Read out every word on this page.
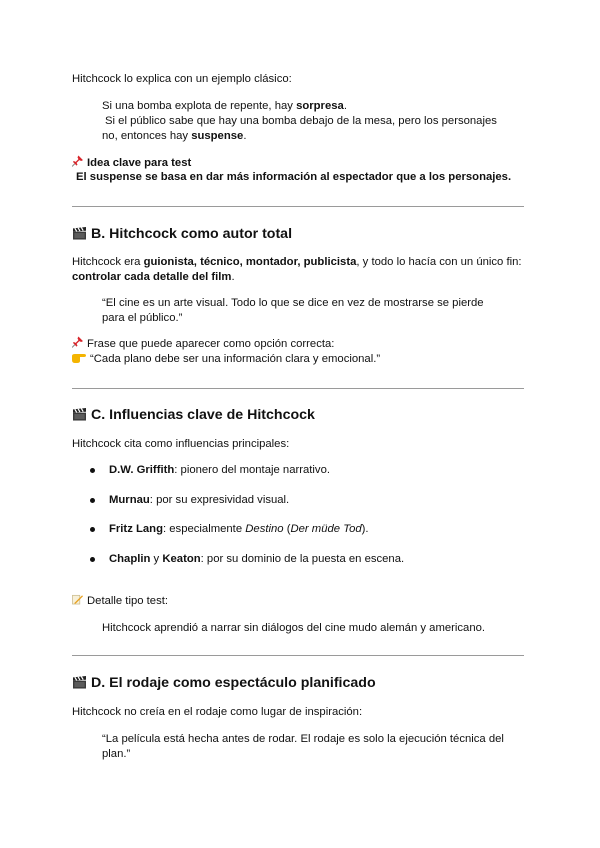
Hitchcock lo explica con un ejemplo clásico:
Si una bomba explota de repente, hay sorpresa.
Si el público sabe que hay una bomba debajo de la mesa, pero los personajes
no, entonces hay suspense.
Idea clave para test
El suspense se basa en dar más información al espectador que a los personajes.
B. Hitchcock como autor total
Hitchcock era guionista, técnico, montador, publicista, y todo lo hacía con un único fin:
controlar cada detalle del film.
“El cine es un arte visual. Todo lo que se dice en vez de mostrarse se pierde
para el público.”
Frase que puede aparecer como opción correcta:
“Cada plano debe ser una información clara y emocional.”
C. Influencias clave de Hitchcock
Hitchcock cita como influencias principales:
D.W. Griffith: pionero del montaje narrativo.
Murnau: por su expresividad visual.
Fritz Lang: especialmente Destino (Der müde Tod).
Chaplin y Keaton: por su dominio de la puesta en escena.
Detalle tipo test:
Hitchcock aprendió a narrar sin diálogos del cine mudo alemán y americano.
D. El rodaje como espectáculo planificado
Hitchcock no creía en el rodaje como lugar de inspiración:
“La película está hecha antes de rodar. El rodaje es solo la ejecución técnica del
plan.”
